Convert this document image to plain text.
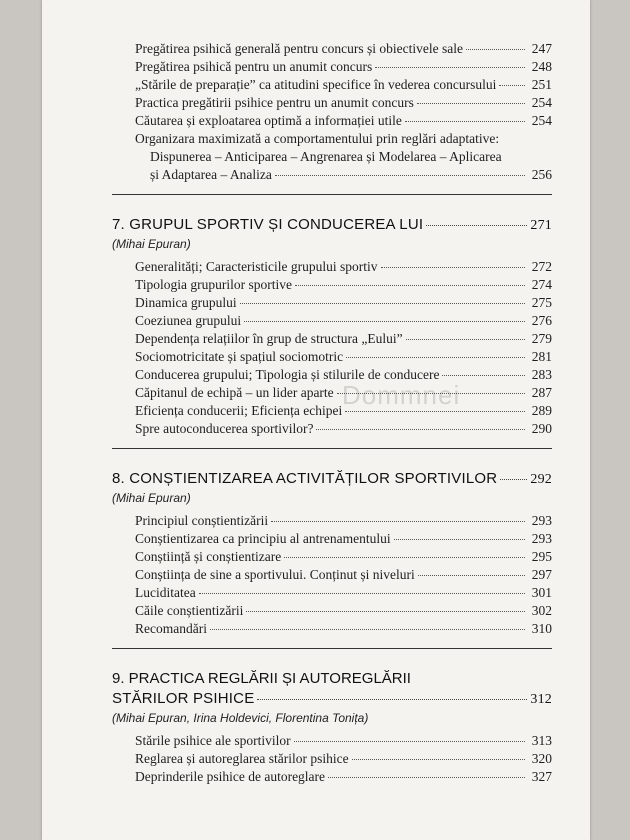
Dommnei
Pregătirea psihică generală pentru concurs și obiectivele sale	247
Pregătirea psihică pentru un anumit concurs	248
„Stările de preparație” ca atitudini specifice în vederea concursului	251
Practica pregătirii psihice pentru un anumit concurs	254
Căutarea și exploatarea optimă a informației utile	254
Organizara maximizată a comportamentului prin reglări adaptative:
Dispunerea – Anticiparea – Angrenarea și Modelarea – Aplicarea
și Adaptarea – Analiza	256
7. GRUPUL SPORTIV ȘI CONDUCEREA LUI	271
(Mihai Epuran)
Generalități; Caracteristicile grupului sportiv	272
Tipologia grupurilor sportive	274
Dinamica grupului	275
Coeziunea grupului	276
Dependența relațiilor în grup de structura „Eului”	279
Sociomotricitate și spațiul sociomotric	281
Conducerea grupului; Tipologia și stilurile de conducere	283
Căpitanul de echipă – un lider aparte	287
Eficiența conducerii; Eficiența echipei	289
Spre autoconducerea sportivilor?	290
8. CONȘTIENTIZAREA ACTIVITĂȚILOR SPORTIVILOR 292
(Mihai Epuran)
Principiul conștientizării	293
Conștientizarea ca principiu al antrenamentului	293
Conștiință și conștientizare	295
Conștiința de sine a sportivului. Conținut și niveluri	297
Luciditatea	301
Căile conștientizării	302
Recomandări	310
9. PRACTICA REGLĂRII ȘI AUTOREGLĂRII
STĂRILOR PSIHICE	312
(Mihai Epuran, Irina Holdevici, Florentina Tonița)
Stările psihice ale sportivilor	313
Reglarea și autoreglarea stărilor psihice	320
Deprinderile psihice de autoreglare	327
